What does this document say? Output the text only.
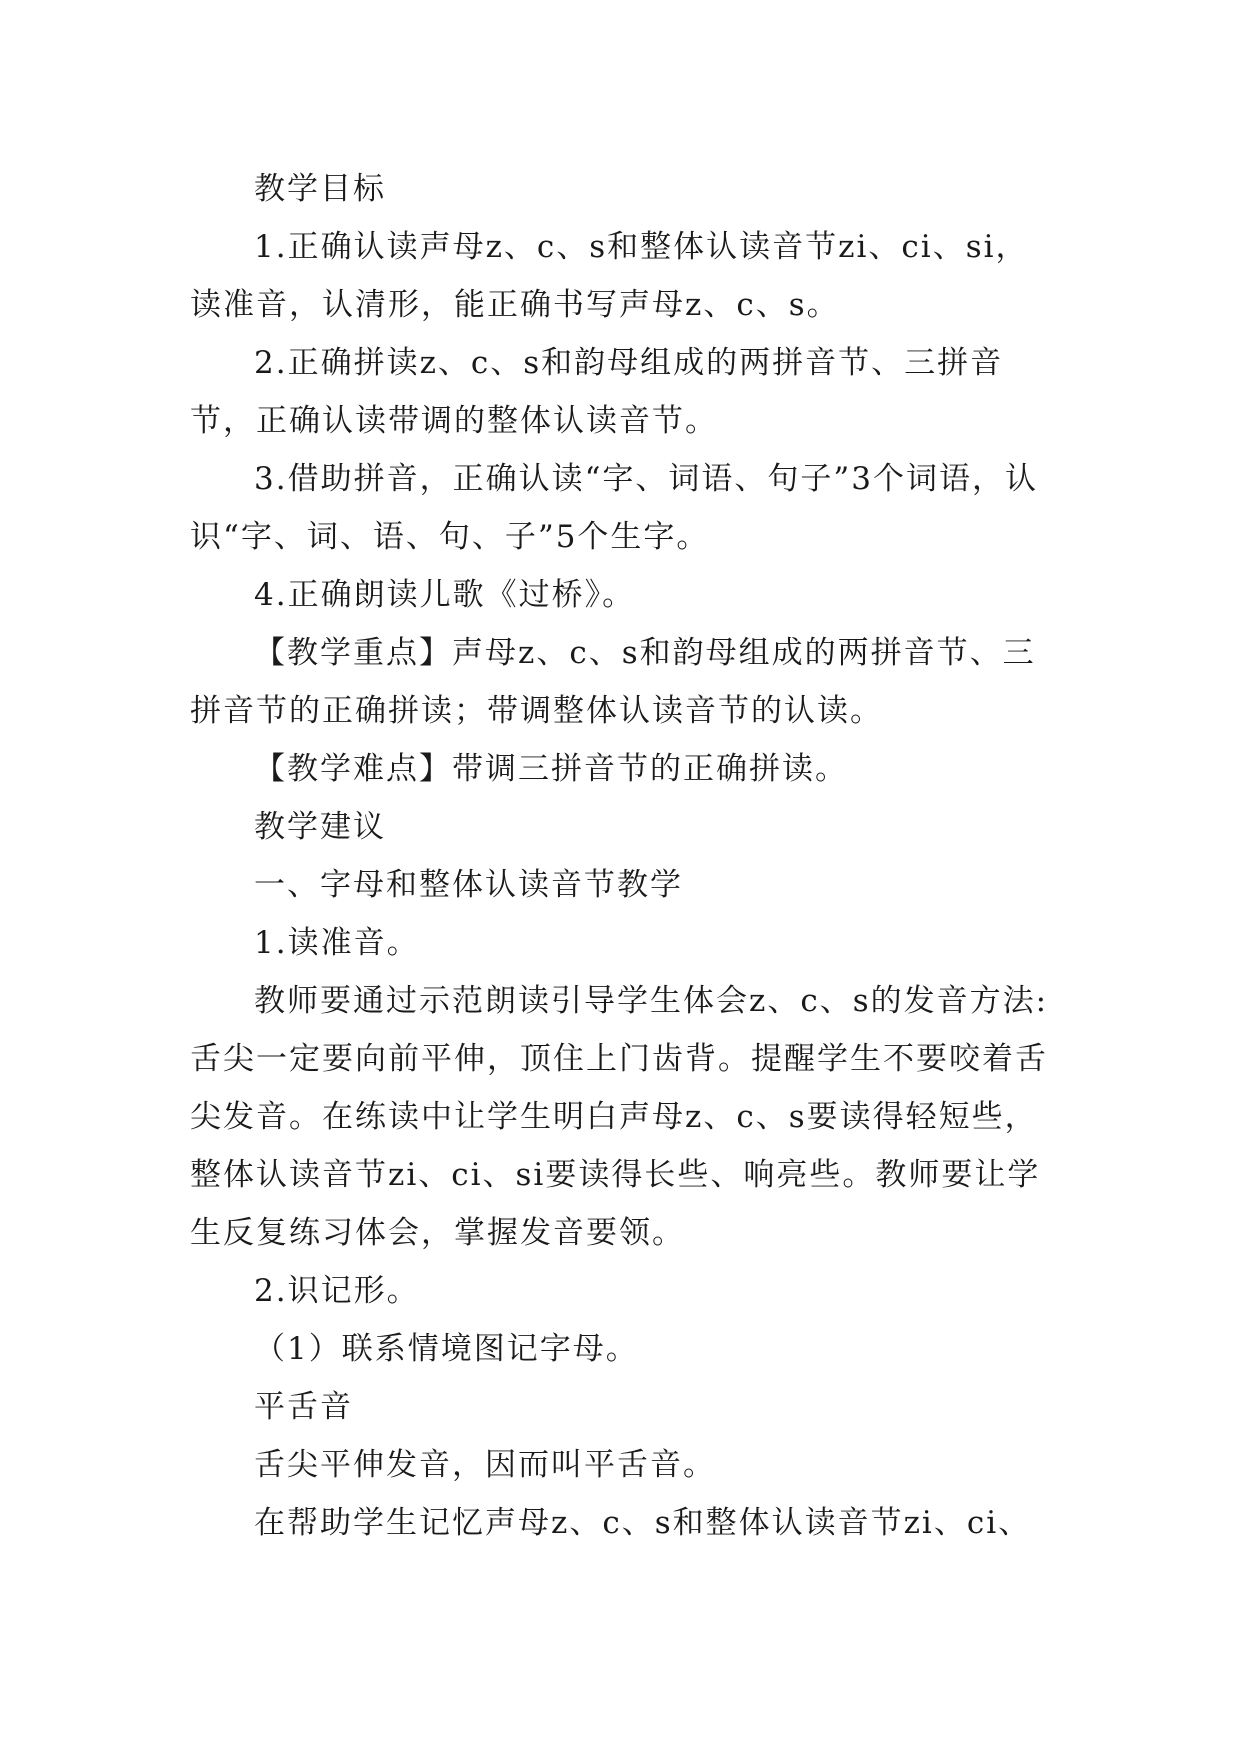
教学目标

1.正确认读声母z、c、s和整体认读音节zi、ci、si，读准音，认清形，能正确书写声母z、c、s。

2.正确拼读z、c、s和韵母组成的两拼音节、三拼音节，正确认读带调的整体认读音节。

3.借助拼音，正确认读“字、词语、句子”3个词语，认识“字、词、语、句、子”5个生字。

4.正确朗读儿歌《过桥》。

【教学重点】声母z、c、s和韵母组成的两拼音节、三拼音节的正确拼读；带调整体认读音节的认读。

【教学难点】带调三拼音节的正确拼读。

教学建议

一、字母和整体认读音节教学

1.读准音。

教师要通过示范朗读引导学生体会z、c、s的发音方法:舌尖一定要向前平伸，顶住上门齿背。提醒学生不要咬着舌尖发音。在练读中让学生明白声母z、c、s要读得轻短些，整体认读音节zi、ci、si要读得长些、响亮些。教师要让学生反复练习体会，掌握发音要领。

2.识记形。

（1）联系情境图记字母。

平舌音

舌尖平伸发音，因而叫平舌音。

在帮助学生记忆声母z、c、s和整体认读音节zi、ci、
